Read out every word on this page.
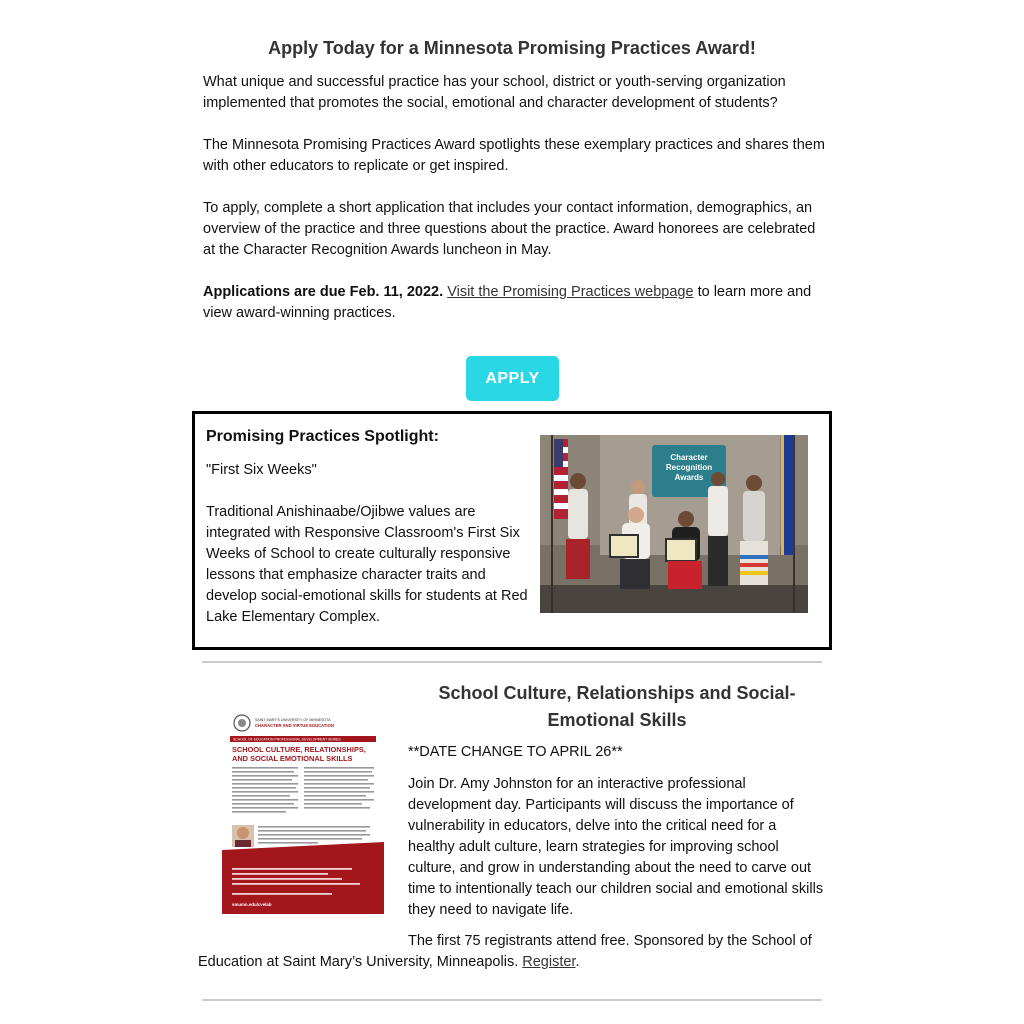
Apply Today for a Minnesota Promising Practices Award!

What unique and successful practice has your school, district or youth-serving organization implemented that promotes the social, emotional and character development of students?

The Minnesota Promising Practices Award spotlights these exemplary practices and shares them with other educators to replicate or get inspired.

To apply, complete a short application that includes your contact information, demographics, an overview of the practice and three questions about the practice. Award honorees are celebrated at the Character Recognition Awards luncheon in May.

Applications are due Feb. 11, 2022. Visit the Promising Practices webpage to learn more and view award-winning practices.

APPLY
Promising Practices Spotlight:

"First Six Weeks"

Traditional Anishinaabe/Ojibwe values are integrated with Responsive Classroom's First Six Weeks of School to create culturally responsive lessons that emphasize character traits and develop social-emotional skills for students at Red Lake Elementary Complex.

Character
Recognition
Awards
School Culture, Relationships and Social-Emotional Skills
SAINT MARY'S UNIVERSITY OF MINNESOTA
CHARACTER AND VIRTUE EDUCATION
SCHOOL OF EDUCATION PROFESSIONAL DEVELOPMENT SERIES
SCHOOL CULTURE, RELATIONSHIPS,
AND SOCIAL EMOTIONAL SKILLS
smumn.edu/cvelab

**DATE CHANGE TO APRIL 26**

Join Dr. Amy Johnston for an interactive professional development day. Participants will discuss the importance of vulnerability in educators, delve into the critical need for a healthy adult culture, learn strategies for improving school culture, and grow in understanding about the need to carve out time to intentionally teach our children social and emotional skills they need to navigate life.

The first 75 registrants attend free. Sponsored by the School of

Education at Saint Mary’s University, Minneapolis. Register.
